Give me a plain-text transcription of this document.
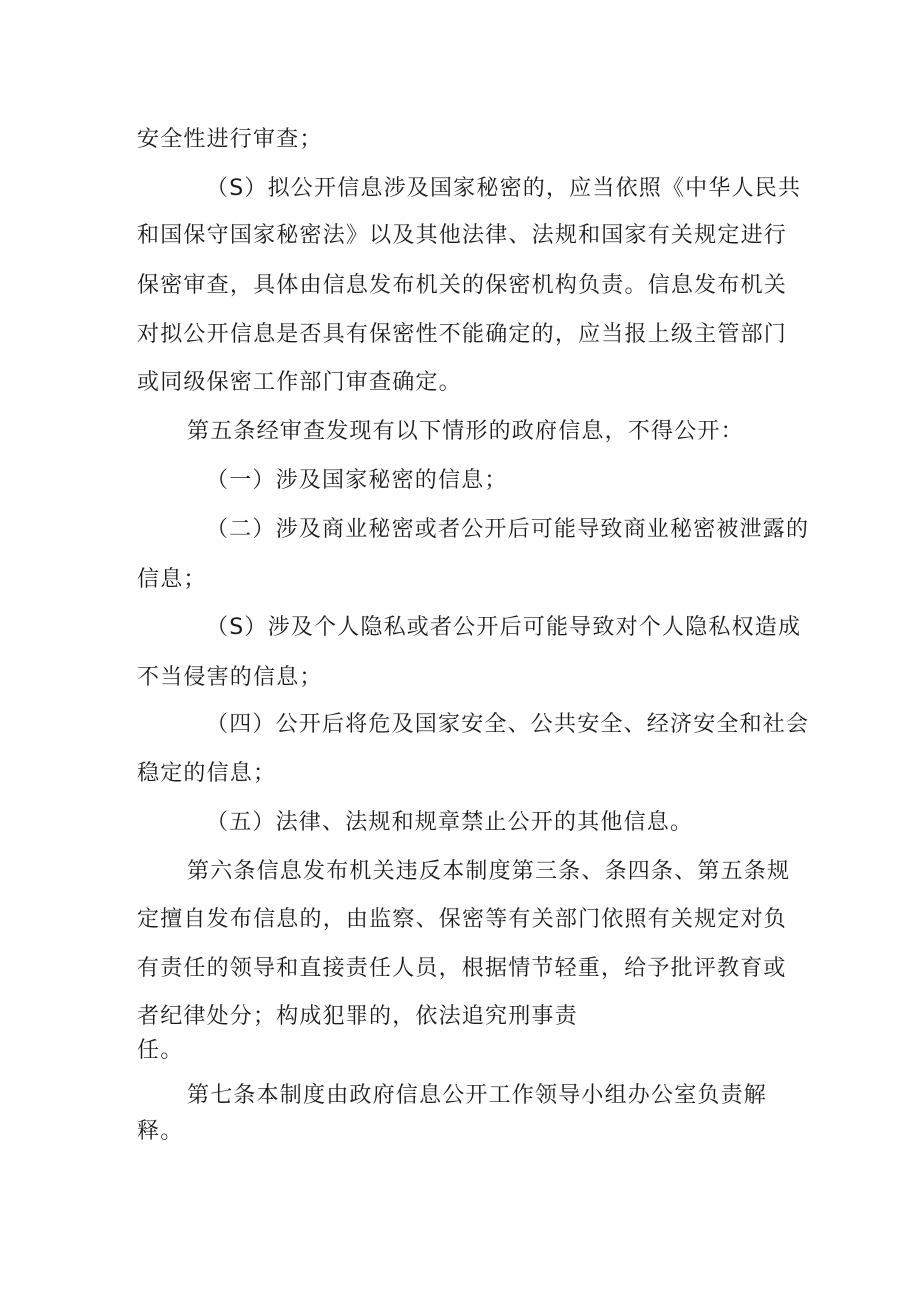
安全性进行审查；
（S）拟公开信息涉及国家秘密的，应当依照《中华人民共
和国保守国家秘密法》以及其他法律、法规和国家有关规定进行
保密审查，具体由信息发布机关的保密机构负责。信息发布机关
对拟公开信息是否具有保密性不能确定的，应当报上级主管部门
或同级保密工作部门审查确定。
第五条经审查发现有以下情形的政府信息，不得公开：
（一）涉及国家秘密的信息；
（二）涉及商业秘密或者公开后可能导致商业秘密被泄露的
信息；
（S）涉及个人隐私或者公开后可能导致对个人隐私权造成
不当侵害的信息；
（四）公开后将危及国家安全、公共安全、经济安全和社会
稳定的信息；
（五）法律、法规和规章禁止公开的其他信息。
第六条信息发布机关违反本制度第三条、条四条、第五条规
定擅自发布信息的，由监察、保密等有关部门依照有关规定对负
有责任的领导和直接责任人员，根据情节轻重，给予批评教育或
者纪律处分；构成犯罪的，依法追究刑事责
任。
第七条本制度由政府信息公开工作领导小组办公室负责解
释。
